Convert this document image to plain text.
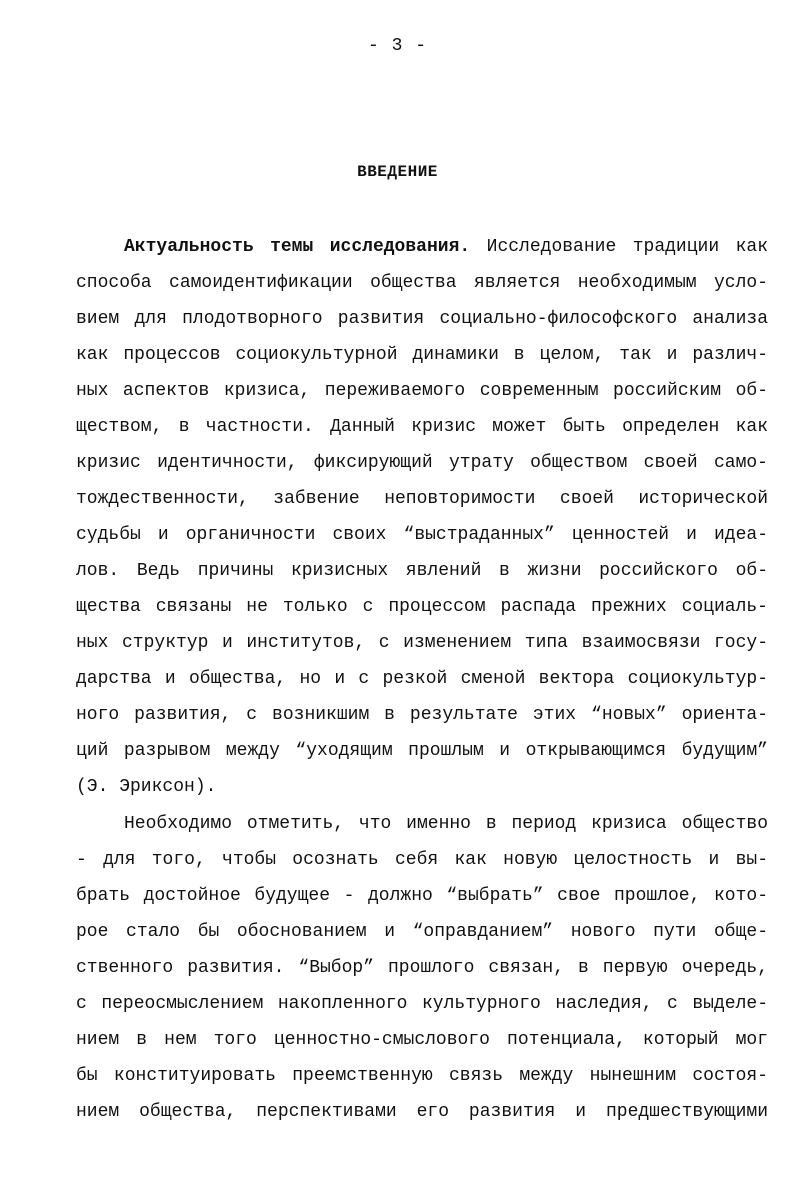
- 3 -
ВВЕДЕНИЕ
Актуальность темы исследования. Исследование традиции как
способа самоидентификации общества является необходимым усло-
вием для плодотворного развития социально-философского анализа
как процессов социокультурной динамики в целом, так и различ-
ных аспектов кризиса, переживаемого современным российским об-
ществом, в частности. Данный кризис может быть определен как
кризис идентичности, фиксирующий утрату обществом своей само-
тождественности, забвение неповторимости своей исторической
судьбы и органичности своих “выстраданных” ценностей и идеа-
лов. Ведь причины кризисных явлений в жизни российского об-
щества связаны не только с процессом распада прежних социаль-
ных структур и институтов, с изменением типа взаимосвязи госу-
дарства и общества, но и с резкой сменой вектора социокультур-
ного развития, с возникшим в результате этих “новых” ориента-
ций разрывом между “уходящим прошлым и открывающимся будущим”
(Э. Эриксон).
Необходимо отметить, что именно в период кризиса общество
- для того, чтобы осознать себя как новую целостность и вы-
брать достойное будущее - должно “выбрать” свое прошлое, кото-
рое стало бы обоснованием и “оправданием” нового пути обще-
ственного развития. “Выбор” прошлого связан, в первую очередь,
с переосмыслением накопленного культурного наследия, с выделе-
нием в нем того ценностно-смыслового потенциала, который мог
бы конституировать преемственную связь между нынешним состоя-
нием общества, перспективами его развития и предшествующими
